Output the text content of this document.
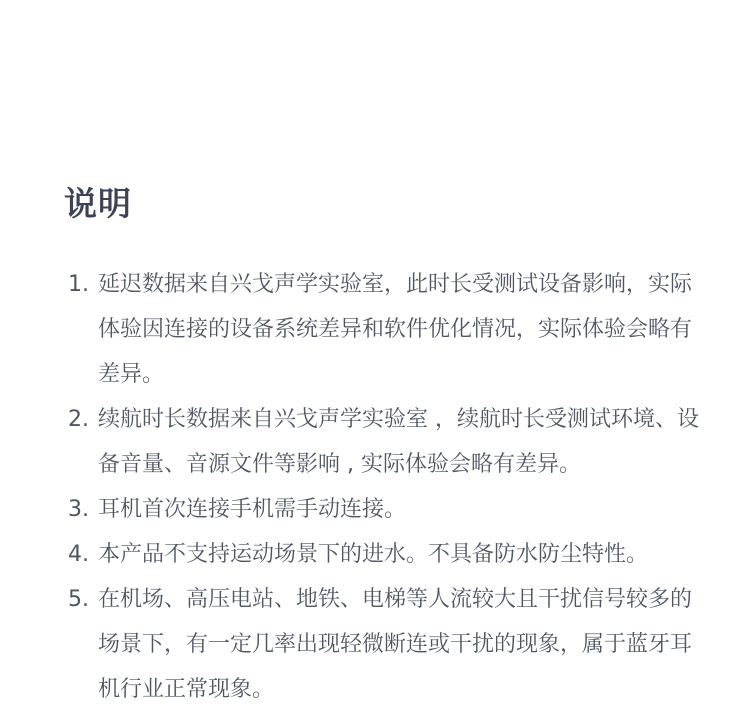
说明
1. 延迟数据来自兴戈声学实验室，此时长受测试设备影响，实际体验因连接的设备系统差异和软件优化情况，实际体验会略有差异。
2. 续航时长数据来自兴戈声学实验室 ，续航时长受测试环境、设备音量、音源文件等影响 , 实际体验会略有差异。
3. 耳机首次连接手机需手动连接。
4. 本产品不支持运动场景下的进水。不具备防水防尘特性。
5. 在机场、高压电站、地铁、电梯等人流较大且干扰信号较多的场景下，有一定几率出现轻微断连或干扰的现象，属于蓝牙耳机行业正常现象。
